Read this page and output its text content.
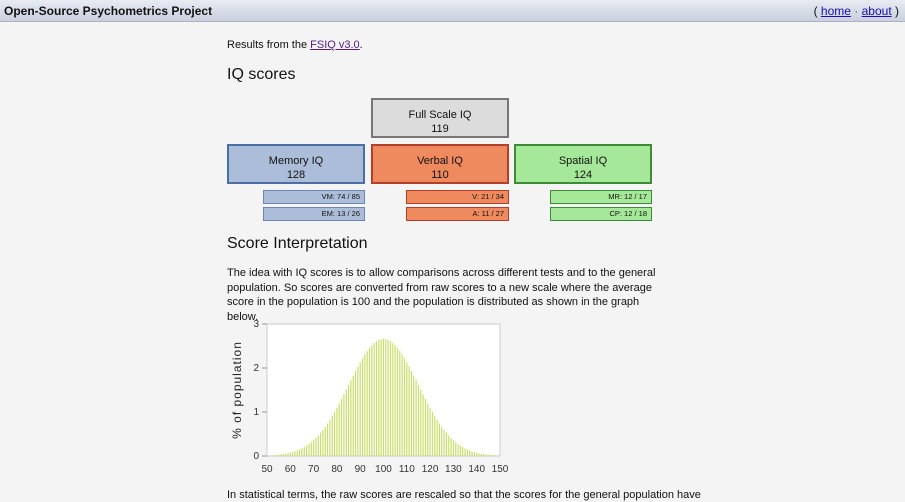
Open-Source Psychometrics Project	( home · about )
Results from the FSIQ v3.0.
IQ scores
Full Scale IQ
119
Memory IQ
128
Verbal IQ
110
Spatial IQ
124
VM: 74 / 85
EM: 13 / 26
V: 21 / 34
A: 11 / 27
MR: 12 / 17
CP: 12 / 18
Score Interpretation
The idea with IQ scores is to allow comparisons across different tests and to the general population. So scores are converted from raw scores to a new scale where the average score in the population is 100 and the population is distributed as shown in the graph below.
50 60 70 80 90 100 110 120 130 140 150
0
1
2
3
% of population
In statistical terms, the raw scores are rescaled so that the scores for the general population have
